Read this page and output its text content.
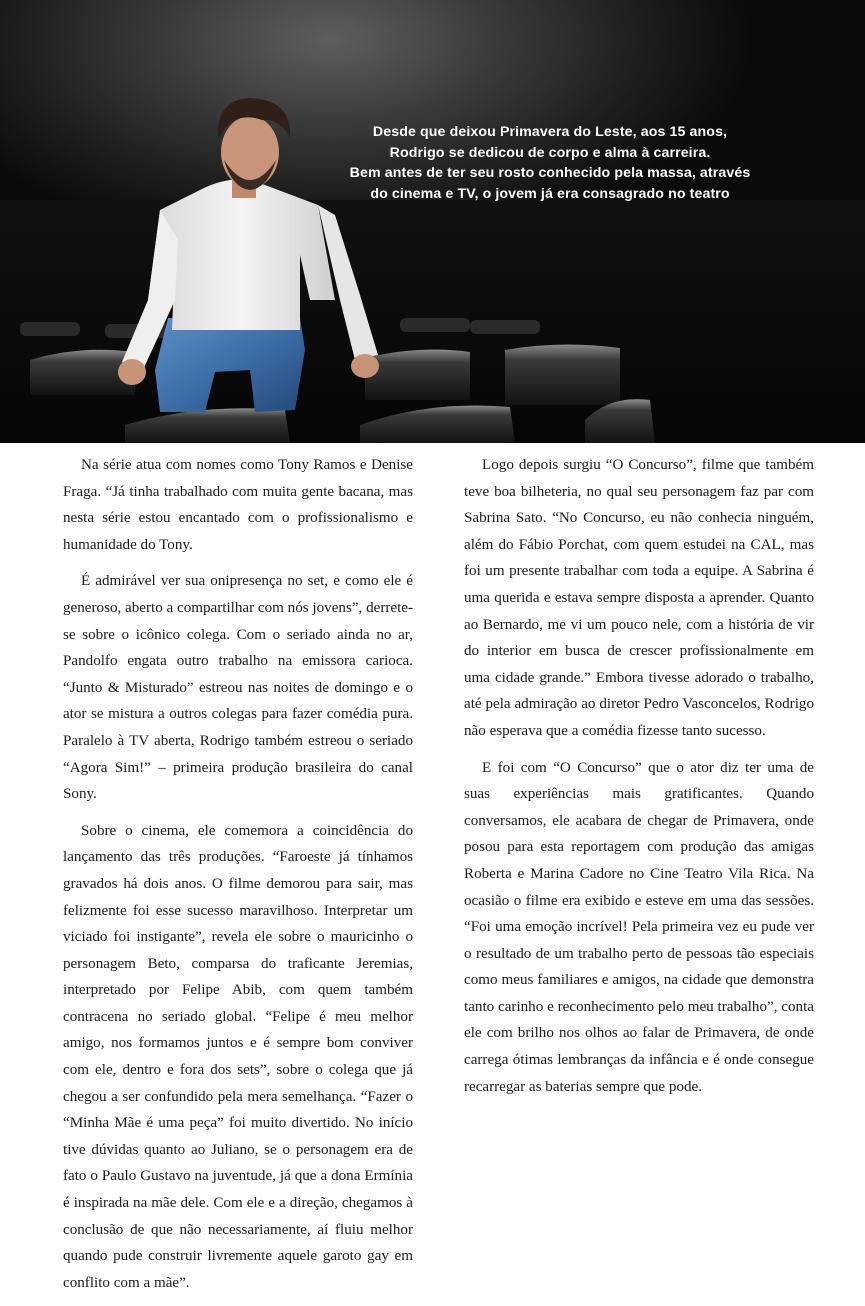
Desde que deixou Primavera do Leste, aos 15 anos,
Rodrigo se dedicou de corpo e alma à carreira.
Bem antes de ter seu rosto conhecido pela massa, através
do cinema e TV, o jovem já era consagrado no teatro

Na série atua com nomes como Tony Ramos e Denise Fraga. “Já tinha trabalhado com muita gente bacana, mas nesta série estou encantado com o profissionalismo e humanidade do Tony.

É admirável ver sua onipresença no set, e como ele é generoso, aberto a compartilhar com nós jovens”, derrete-se sobre o icônico colega. Com o seriado ainda no ar, Pandolfo engata outro trabalho na emissora carioca. “Junto & Misturado” estreou nas noites de domingo e o ator se mistura a outros colegas para fazer comédia pura. Paralelo à TV aberta, Rodrigo também estreou o seriado “Agora Sim!” – primeira produção brasileira do canal Sony.

Sobre o cinema, ele comemora a coincidência do lançamento das três produções. “Faroeste já tínhamos gravados há dois anos. O filme demorou para sair, mas felizmente foi esse sucesso maravilhoso. Interpretar um viciado foi instigante”, revela ele sobre o mauricinho o personagem Beto, comparsa do traficante Jeremias, interpretado por Felipe Abib, com quem também contracena no seriado global. “Felipe é meu melhor amigo, nos formamos juntos e é sempre bom conviver com ele, dentro e fora dos sets”, sobre o colega que já chegou a ser confundido pela mera semelhança. “Fazer o “Minha Mãe é uma peça” foi muito divertido. No início tive dúvidas quanto ao Juliano, se o personagem era de fato o Paulo Gustavo na juventude, já que a dona Ermínia é inspirada na mãe dele. Com ele e a direção, chegamos à conclusão de que não necessariamente, aí fluiu melhor quando pude construir livremente aquele garoto gay em conflito com a mãe”.

Logo depois surgiu “O Concurso”, filme que também teve boa bilheteria, no qual seu personagem faz par com Sabrina Sato. “No Concurso, eu não conhecia ninguém, além do Fábio Porchat, com quem estudei na CAL, mas foi um presente trabalhar com toda a equipe. A Sabrina é uma querida e estava sempre disposta a aprender. Quanto ao Bernardo, me vi um pouco nele, com a história de vir do interior em busca de crescer profissionalmente em uma cidade grande.” Embora tivesse adorado o trabalho, até pela admiração ao diretor Pedro Vasconcelos, Rodrigo não esperava que a comédia fizesse tanto sucesso.

E foi com “O Concurso” que o ator diz ter uma de suas experiências mais gratificantes. Quando conversamos, ele acabara de chegar de Primavera, onde posou para esta reportagem com produção das amigas Roberta e Marina Cadore no Cine Teatro Vila Rica. Na ocasião o filme era exibido e esteve em uma das sessões. “Foi uma emoção incrível! Pela primeira vez eu pude ver o resultado de um trabalho perto de pessoas tão especiais como meus familiares e amigos, na cidade que demonstra tanto carinho e reconhecimento pelo meu trabalho”, conta ele com brilho nos olhos ao falar de Primavera, de onde carrega ótimas lembranças da infância e é onde consegue recarregar as baterias sempre que pode.
